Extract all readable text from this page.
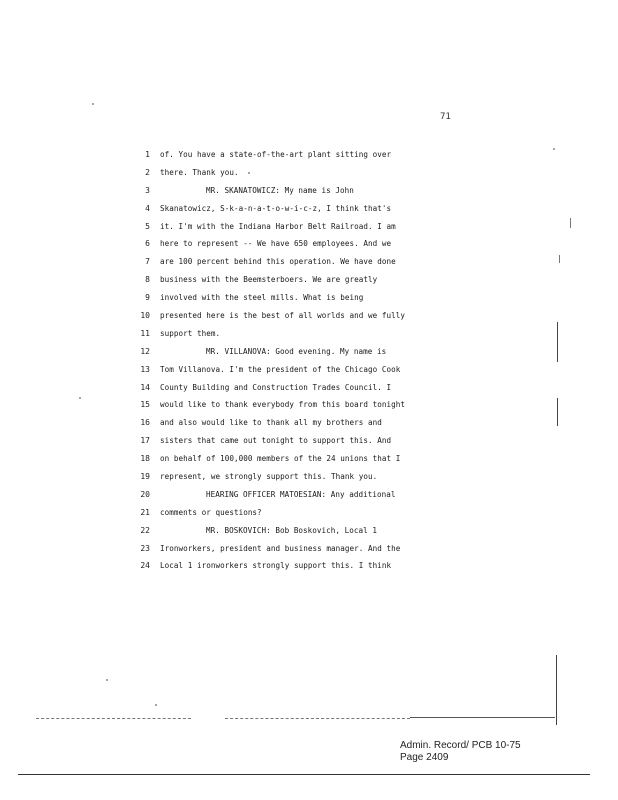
71
1 of. You have a state-of-the-art plant sitting over
2 there. Thank you.
3	MR. SKANATOWICZ: My name is John
4 Skanatowicz, S-k-a-n-a-t-o-w-i-c-z, I think that's
5 it. I'm with the Indiana Harbor Belt Railroad. I am
6 here to represent -- We have 650 employees. And we
7 are 100 percent behind this operation. We have done
8 business with the Beemsterboers. We are greatly
9 involved with the steel mills. What is being
10 presented here is the best of all worlds and we fully
11 support them.
12	MR. VILLANOVA: Good evening. My name is
13 Tom Villanova. I'm the president of the Chicago Cook
14 County Building and Construction Trades Council. I
15 would like to thank everybody from this board tonight
16 and also would like to thank all my brothers and
17 sisters that came out tonight to support this. And
18 on behalf of 100,000 members of the 24 unions that I
19 represent, we strongly support this. Thank you.
20	HEARING OFFICER MATOESIAN: Any additional
21 comments or questions?
22	MR. BOSKOVICH: Bob Boskovich, Local 1
23 Ironworkers, president and business manager. And the
24 Local 1 ironworkers strongly support this. I think
Admin. Record/ PCB 10-75
Page 2409
